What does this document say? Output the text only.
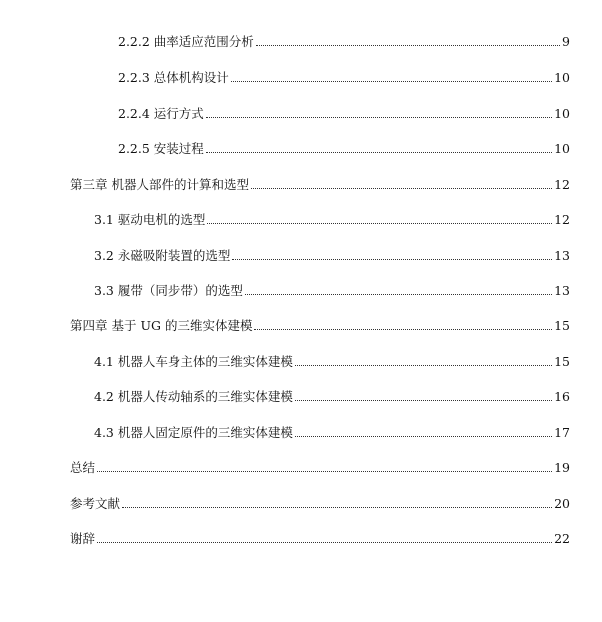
2.2.2 曲率适应范围分析	9
2.2.3 总体机构设计	10
2.2.4 运行方式	10
2.2.5 安装过程	10
第三章 机器人部件的计算和选型	12
3.1 驱动电机的选型	12
3.2 永磁吸附装置的选型	13
3.3 履带（同步带）的选型	13
第四章 基于 UG 的三维实体建模	15
4.1 机器人车身主体的三维实体建模	15
4.2 机器人传动轴系的三维实体建模	16
4.3 机器人固定原件的三维实体建模	17
总结	19
参考文献	20
谢辞	22
